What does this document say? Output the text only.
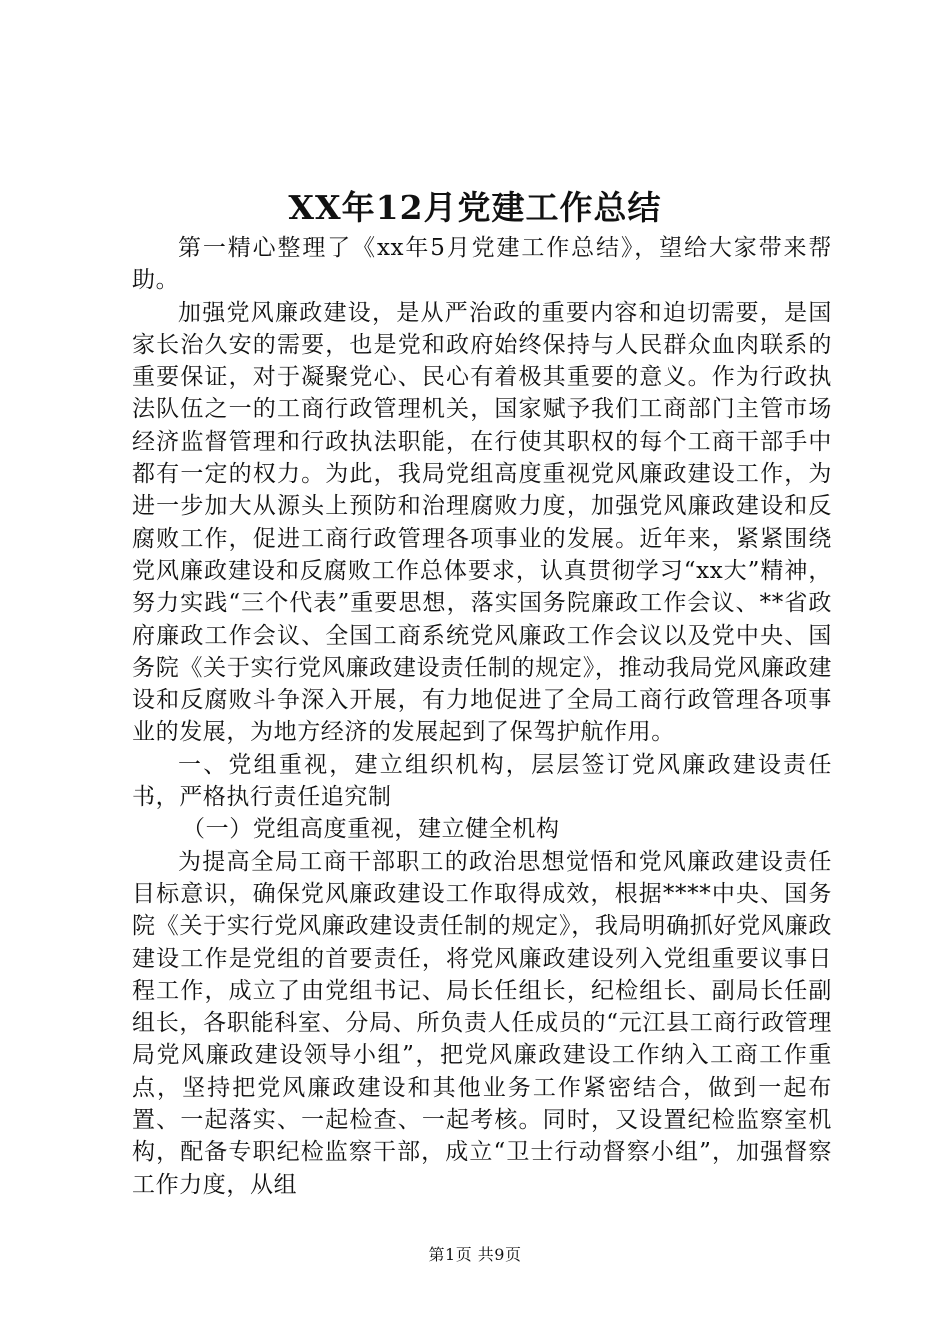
XX年12月党建工作总结

第一精心整理了《xx年5月党建工作总结》，望给大家带来帮助。

加强党风廉政建设，是从严治政的重要内容和迫切需要，是国家长治久安的需要，也是党和政府始终保持与人民群众血肉联系的重要保证，对于凝聚党心、民心有着极其重要的意义。作为行政执法队伍之一的工商行政管理机关，国家赋予我们工商部门主管市场经济监督管理和行政执法职能，在行使其职权的每个工商干部手中都有一定的权力。为此，我局党组高度重视党风廉政建设工作，为进一步加大从源头上预防和治理腐败力度，加强党风廉政建设和反腐败工作，促进工商行政管理各项事业的发展。近年来，紧紧围绕党风廉政建设和反腐败工作总体要求，认真贯彻学习“xx大”精神，努力实践“三个代表”重要思想，落实国务院廉政工作会议、**省政府廉政工作会议、全国工商系统党风廉政工作会议以及党中央、国务院《关于实行党风廉政建设责任制的规定》，推动我局党风廉政建设和反腐败斗争深入开展，有力地促进了全局工商行政管理各项事业的发展，为地方经济的发展起到了保驾护航作用。

一、党组重视，建立组织机构，层层签订党风廉政建设责任书，严格执行责任追究制

（一）党组高度重视，建立健全机构

为提高全局工商干部职工的政治思想觉悟和党风廉政建设责任目标意识，确保党风廉政建设工作取得成效，根据****中央、国务院《关于实行党风廉政建设责任制的规定》，我局明确抓好党风廉政建设工作是党组的首要责任，将党风廉政建设列入党组重要议事日程工作，成立了由党组书记、局长任组长，纪检组长、副局长任副组长，各职能科室、分局、所负责人任成员的“元江县工商行政管理局党风廉政建设领导小组”，把党风廉政建设工作纳入工商工作重点，坚持把党风廉政建设和其他业务工作紧密结合，做到一起布置、一起落实、一起检查、一起考核。同时，又设置纪检监察室机构，配备专职纪检监察干部，成立“卫士行动督察小组”，加强督察工作力度，从组

第1页 共9页
